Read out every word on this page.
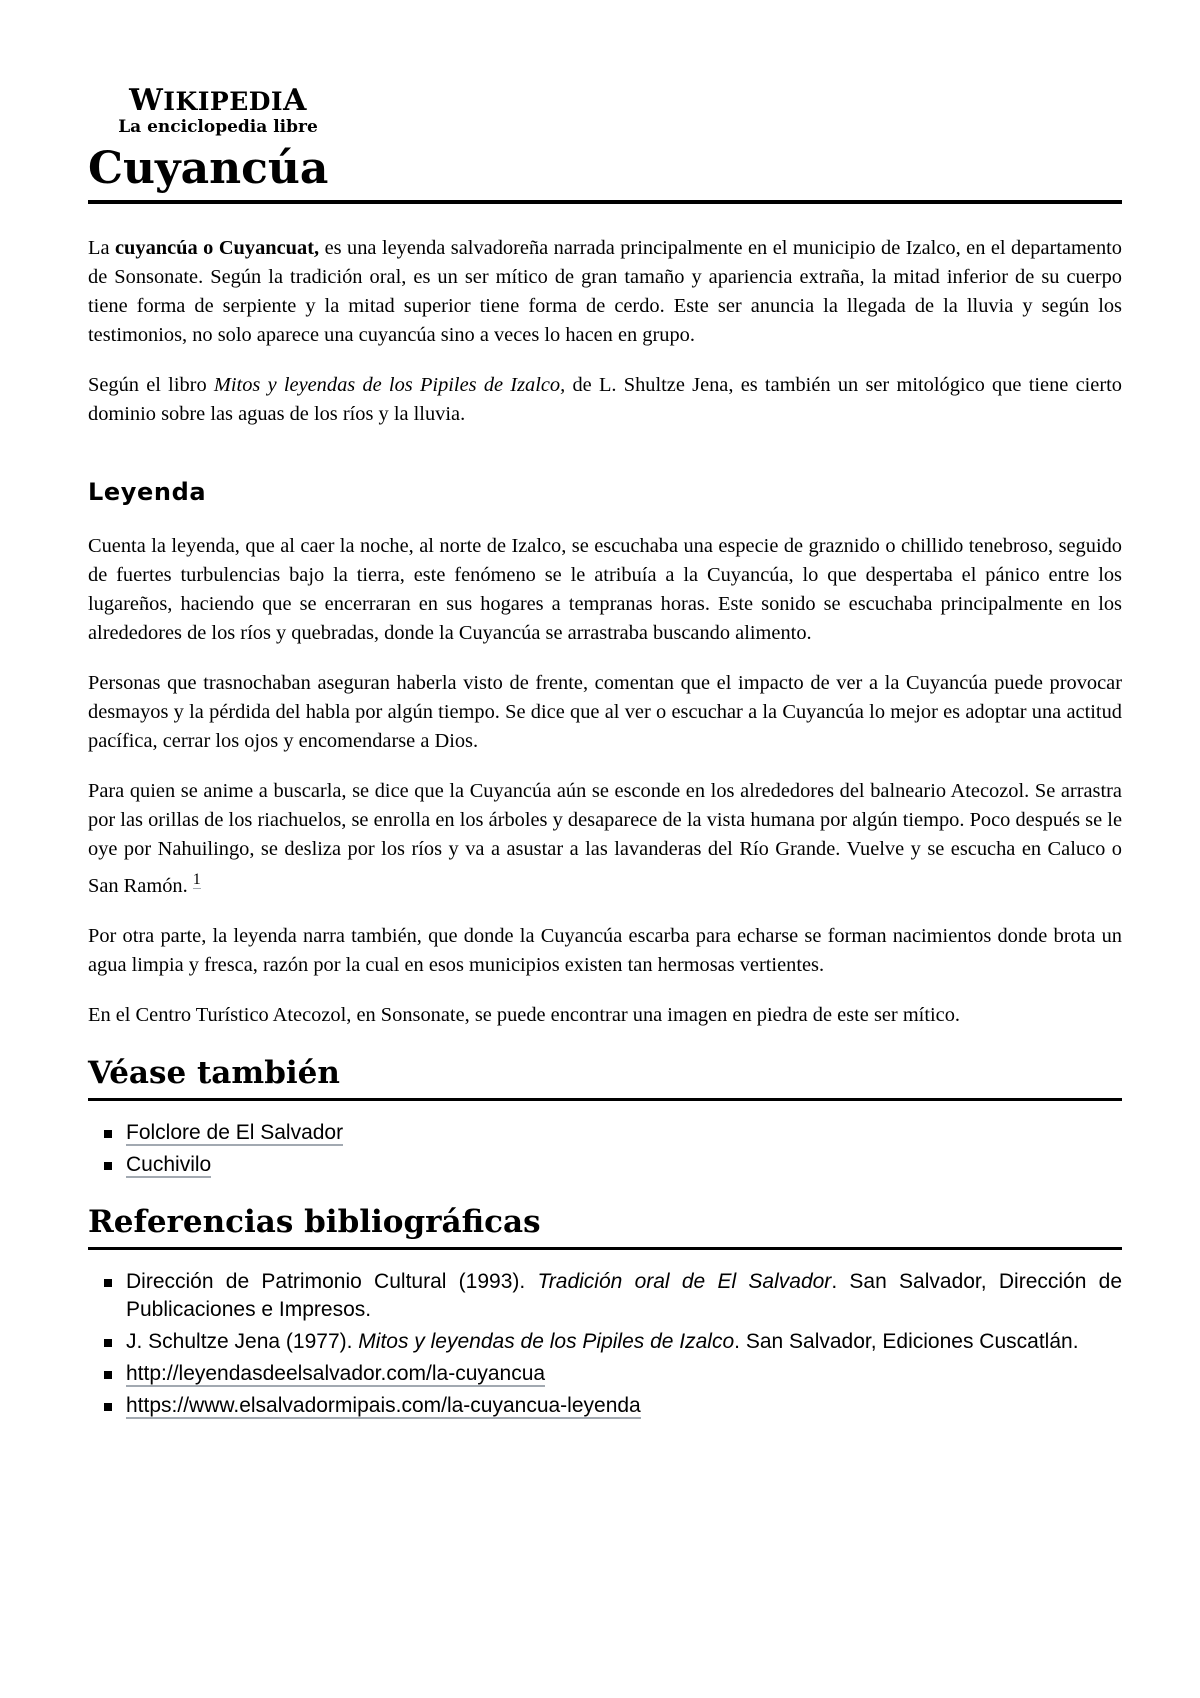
WIKIPEDIA
La enciclopedia libre
Cuyancúa

La cuyancúa o Cuyancuat, es una leyenda salvadoreña narrada principalmente en el municipio de Izalco, en el departamento de Sonsonate. Según la tradición oral, es un ser mítico de gran tamaño y apariencia extraña, la mitad inferior de su cuerpo tiene forma de serpiente y la mitad superior tiene forma de cerdo. Este ser anuncia la llegada de la lluvia y según los testimonios, no solo aparece una cuyancúa sino a veces lo hacen en grupo.

Según el libro Mitos y leyendas de los Pipiles de Izalco, de L. Shultze Jena, es también un ser mitológico que tiene cierto dominio sobre las aguas de los ríos y la lluvia.

Leyenda

Cuenta la leyenda, que al caer la noche, al norte de Izalco, se escuchaba una especie de graznido o chillido tenebroso, seguido de fuertes turbulencias bajo la tierra, este fenómeno se le atribuía a la Cuyancúa, lo que despertaba el pánico entre los lugareños, haciendo que se encerraran en sus hogares a tempranas horas. Este sonido se escuchaba principalmente en los alrededores de los ríos y quebradas, donde la Cuyancúa se arrastraba buscando alimento.

Personas que trasnochaban aseguran haberla visto de frente, comentan que el impacto de ver a la Cuyancúa puede provocar desmayos y la pérdida del habla por algún tiempo. Se dice que al ver o escuchar a la Cuyancúa lo mejor es adoptar una actitud pacífica, cerrar los ojos y encomendarse a Dios.

Para quien se anime a buscarla, se dice que la Cuyancúa aún se esconde en los alrededores del balneario Atecozol. Se arrastra por las orillas de los riachuelos, se enrolla en los árboles y desaparece de la vista humana por algún tiempo. Poco después se le oye por Nahuilingo, se desliza por los ríos y va a asustar a las lavanderas del Río Grande. Vuelve y se escucha en Caluco o San Ramón. $^1$

Por otra parte, la leyenda narra también, que donde la Cuyancúa escarba para echarse se forman nacimientos donde brota un agua limpia y fresca, razón por la cual en esos municipios existen tan hermosas vertientes.

En el Centro Turístico Atecozol, en Sonsonate, se puede encontrar una imagen en piedra de este ser mítico.

Véase también
Folclore de El Salvador
Cuchivilo
Referencias bibliográficas
Dirección de Patrimonio Cultural (1993). Tradición oral de El Salvador. San Salvador, Dirección de Publicaciones e Impresos.
J. Schultze Jena (1977). Mitos y leyendas de los Pipiles de Izalco. San Salvador, Ediciones Cuscatlán.
http://leyendasdeelsalvador.com/la-cuyancua
https://www.elsalvadormipais.com/la-cuyancua-leyenda
